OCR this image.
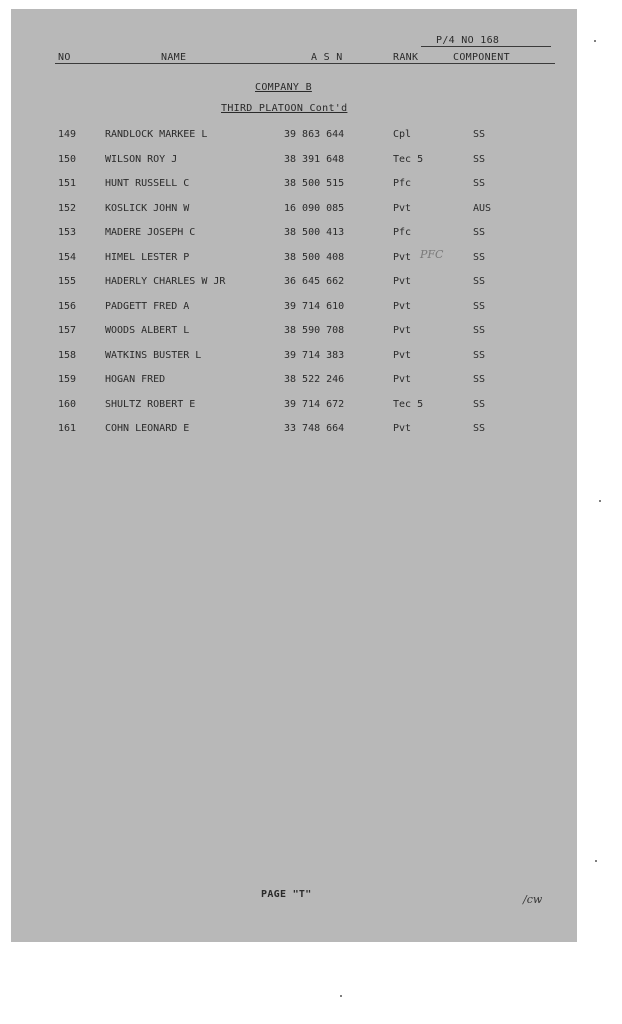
P/4 NO 168
NO	NAME	A S N	RANK	COMPONENT
COMPANY B
THIRD PLATOON Cont'd
149	RANDLOCK MARKEE L	39 863 644	Cpl	SS
150	WILSON ROY J	38 391 648	Tec 5	SS
151	HUNT RUSSELL C	38 500 515	Pfc	SS
152	KOSLICK JOHN W	16 090 085	Pvt	AUS
153	MADERE JOSEPH C	38 500 413	Pfc	SS
154	HIMEL LESTER P	38 500 408	Pvt	SS
155	HADERLY CHARLES W JR	36 645 662	Pvt	SS
156	PADGETT FRED A	39 714 610	Pvt	SS
157	WOODS ALBERT L	38 590 708	Pvt	SS
158	WATKINS BUSTER L	39 714 383	Pvt	SS
159	HOGAN FRED	38 522 246	Pvt	SS
160	SHULTZ ROBERT E	39 714 672	Tec 5	SS
161	COHN LEONARD E	33 748 664	Pvt	SS
PFC
PAGE "T"	/cw
